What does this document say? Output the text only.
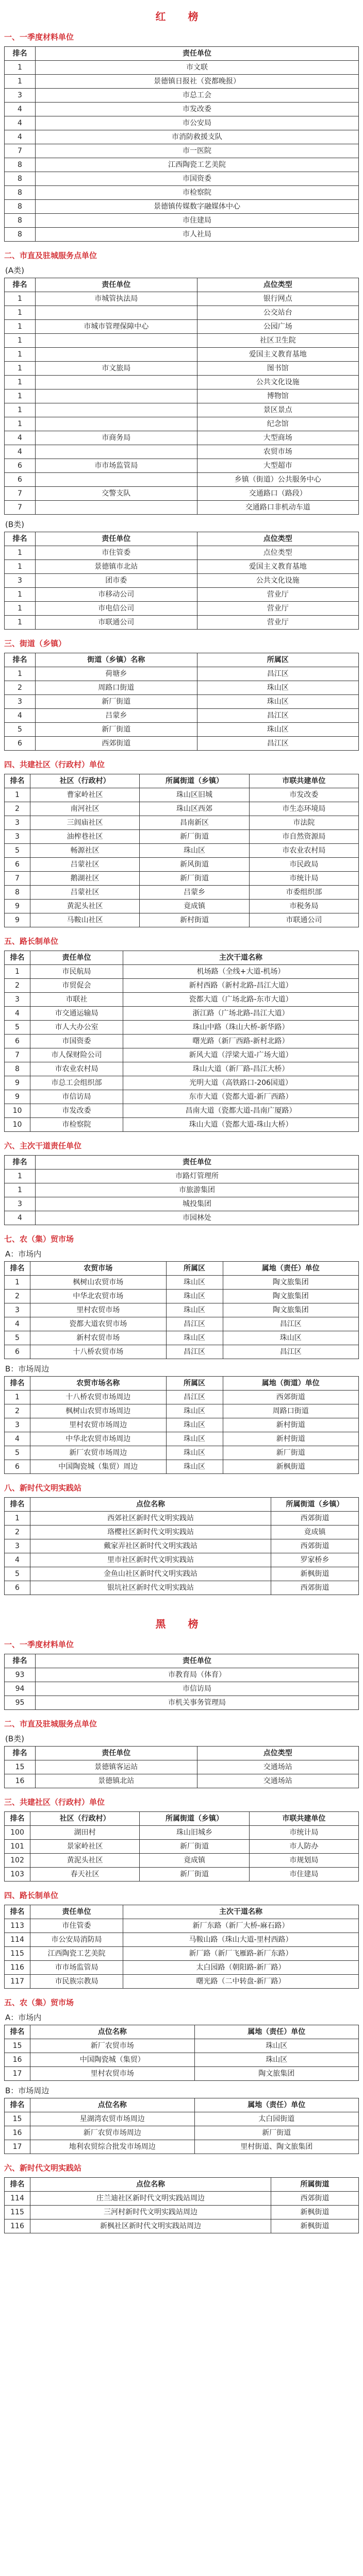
红 榜
一、一季度材料单位
排名	责任单位
1	市文联
1	景德镇日报社（瓷都晚报）
3	市总工会
4	市发改委
4	市公安局
4	市消防救援支队
7	市一医院
8	江西陶瓷工艺美院
8	市国资委
8	市检察院
8	景德镇传媒数字融媒体中心
8	市住建局
8	市人社局
二、市直及驻城服务点单位
(A类)
排名	责任单位	点位类型
1	市城管执法局	银行网点
1		公交站台
1	市城市管理保障中心	公园广场
1		社区卫生院
1		爱国主义教育基地
1	市文旅局	图书馆
1		公共文化设施
1		博物馆
1		景区景点
1		纪念馆
4	市商务局	大型商场
4		农贸市场
6	市市场监管局	大型超市
6		乡镇（街道）公共服务中心
7	交警支队	交通路口（路段）
7		交通路口非机动车道
(B类)
排名	责任单位	点位类型
1	市住管委	点位类型
1	景德镇市北站	爱国主义教育基地
3	团市委	公共文化设施
1	市移动公司	营业厅
1	市电信公司	营业厅
1	市联通公司	营业厅
三、街道（乡镇）
排名	街道（乡镇）名称	所属区
1	荷塘乡	昌江区
2	周路口街道	珠山区
3	新厂街道	珠山区
4	吕蒙乡	昌江区
5	新厂街道	珠山区
6	西郊街道	昌江区
四、共建社区（行政村）单位
排名	社区（行政村）	所属街道（乡镇）	市联共建单位
1	曹家岭社区	珠山区旧城	市发改委
2	南河社区	珠山区西郊	市生态环境局
3	三闾庙社区	昌南新区	市法院
3	油榨巷社区	新厂街道	市自然资源局
5	畅源社区	珠山区	市农业农村局
6	吕蒙社区	新风街道	市民政局
7	鹅湖社区	新厂街道	市统计局
8	吕蒙社区	吕蒙乡	市委组织部
9	黄泥头社区	竟成镇	市税务局
9	马鞍山社区	新村街道	市联通公司
五、路长制单位
排名	责任单位	主次干道名称
1	市民航局	机场路（全线+大道-机场）
2	市贸促会	新村西路（新村北路-昌江大道）
3	市联社	瓷都大道（广场北路-东市大道）
4	市交通运输局	浙江路（广场北路-昌江大道）
5	市人大办公室	珠山中路（珠山大桥-新华路）
6	市国资委	曙光路（新厂西路-新村北路）
7	市人保财险公司	新风大道（浮梁大道-广场大道）
8	市农业农村局	珠山大道（新厂路-昌江大桥）
9	市总工会组织部	光明大道（高铁路口-206国道）
9	市信访局	东市大道（瓷都大道-新厂西路）
10	市发改委	昌南大道（瓷都大道-昌南广厦路）
10	市检察院	珠山大道（瓷都大道-珠山大桥）
六、主次干道责任单位
排名	责任单位
1	市路灯管理所
1	市旅游集团
3	城投集团
4	市园林处
七、农（集）贸市场
A：市场内
排名	农贸市场	所属区	属地（责任）单位
1	枫树山农贸市场	珠山区	陶文旅集团
2	中华北农贸市场	珠山区	陶文旅集团
3	里村农贸市场	珠山区	陶文旅集团
4	瓷都大道农贸市场	昌江区	昌江区
5	新村农贸市场	珠山区	珠山区
6	十八桥农贸市场	昌江区	昌江区
B：市场周边
排名	农贸市场名称	所属区	属地（街道）单位
1	十八桥农贸市场周边	昌江区	西郊街道
2	枫树山农贸市场周边	珠山区	周路口街道
3	里村农贸市场周边	珠山区	新村街道
4	中华北农贸市场周边	珠山区	新村街道
5	新厂农贸市场周边	珠山区	新厂街道
6	中国陶瓷城（集贸）周边	珠山区	新枫街道
八、新时代文明实践站
排名	点位名称	所属街道（乡镇）
1	西郊社区新时代文明实践站	西郊街道
2	珞樱社区新时代文明实践站	竟成镇
3	戴家弄社区新时代文明实践站	西郊街道
4	里市社区新时代文明实践站	罗家桥乡
5	金鱼山社区新时代文明实践站	新枫街道
6	银坑社区新时代文明实践站	西郊街道
黑 榜
一、一季度材料单位
排名	责任单位
93	市教育局（体育）
94	市信访局
95	市机关事务管理局
二、市直及驻城服务点单位
(B类)
排名	责任单位	点位类型
15	景德镇客运站	交通场站
16	景德镇北站	交通场站
三、共建社区（行政村）单位
排名	社区（行政村）	所属街道（乡镇）	市联共建单位
100	湖田村	珠山旧城乡	市统计局
101	景家岭社区	新厂街道	市人防办
102	黄泥头社区	竟成镇	市规划局
103	春天社区	新厂街道	市住建局
四、路长制单位
排名	责任单位	主次干道名称
113	市住管委	新厂东路（新厂大桥-麻石路）
114	市公安局消防局	马鞍山路（珠山大道-里村西路）
115	江西陶瓷工艺美院	新厂路（新厂飞雁路-新厂东路）
116	市市场监管局	太白园路（朝阳路-新厂路）
117	市民族宗教局	曙光路（二中转盘-新厂路）
五、农（集）贸市场
A：市场内
排名	点位名称	属地（责任）单位
15	新厂农贸市场	珠山区
16	中国陶瓷城（集贸）	珠山区
17	里村农贸市场	陶文旅集团
B：市场周边
排名	点位名称	属地（责任）单位
15	星湖湾农贸市场周边	太白园街道
16	新厂农贸市场周边	新厂街道
17	地利农贸综合批发市场周边	里村街道、陶文旅集团
六、新时代文明实践站
排名	点位名称	所属街道
114	庄兰迪社区新时代文明实践站周边	西郊街道
115	三河村新时代文明实践站周边	新枫街道
116	新枫社区新时代文明实践站周边	新枫街道
